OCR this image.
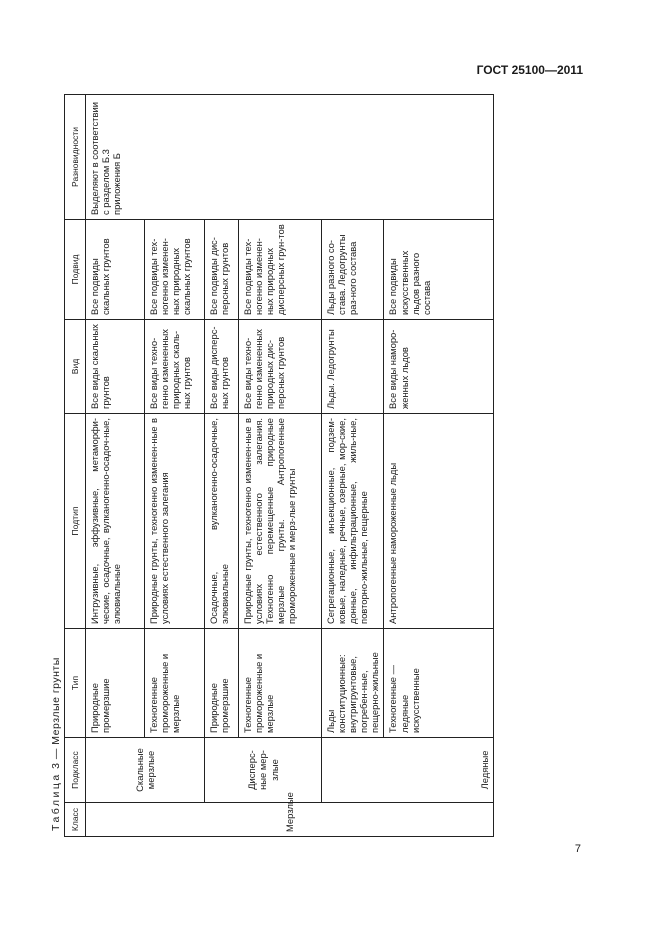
ГОСТ 25100—2011
7
Таблица 3 — Мерзлые грунты
Класс	Подкласс	Тип	Подтип	Вид	Подвид	Разновидности
Мерзлые	Скальные мерзлые	Природные промерзшие	Интрузивные, эффузивные, метаморфи-ческие, осадочные, вулканогенно-осадоч-ные, элювиальные	Все виды скальных грунтов	Все подвиды скальных грунтов	Выделяют в соответствии с разделом Б.3 приложения Б
		Техногенные промороженные и мерзлые	Природные грунты, техногенно изменен-ные в условиях естественного залегания	Все виды техно-генно измененных природных скаль-ных грунтов	Все подвиды тех-ногенно изменен-ных природных скальных грунтов	
	Дисперс-ные мер-злые	Природные промерзшие	Осадочные, вулканогенно-осадочные, элювиальные	Все виды дисперс-ных грунтов	Все подвиды дис-персных грунтов	
		Техногенные промороженные и мерзлые	Природные грунты, техногенно изменен-ные в условиях естественного залегания. Техногенно перемещенные природные мерзлые грунты. Антропогенные промороженные и мерз-лые грунты	Все виды техно-генно измененных природных дис-персных грунтов	Все подвиды тех-ногенно изменен-ных природных дисперсных грун-тов	
	Ледяные	Льды конституционные: внутригрунтовые, погребен-ные, пещерно-жильные	Сегрегационные, инъекционные, подзем-ковые, наледные, речные, озерные, мор-ские, донные, инфильтрационные, жиль-ные, повторно-жильные, пещерные	Льды. Ледогрунты	Льды разного со-става. Ледогрунты раз-ного состава	
		Техногенные — ледяные искусственные	Антропогенные намороженные льды	Все виды наморо-женных льдов	Все подвиды искусственных льдов разного состава	
